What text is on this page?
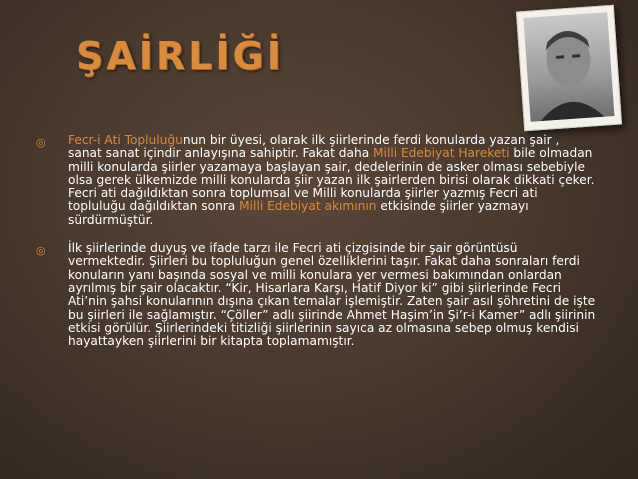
ŞAİRLİĞİ
◎ Fecr-i Ati Topluluğunun bir üyesi, olarak ilk şiirlerinde ferdi konularda yazan şair , sanat sanat içindir anlayışına sahiptir. Fakat daha Milli Edebiyat Hareketi bile olmadan milli konularda şiirler yazamaya başlayan şair, dedelerinin de asker olması sebebiyle olsa gerek ülkemizde milli konularda şiir yazan ilk şairlerden birisi olarak dikkati çeker. Fecri ati dağıldıktan sonra toplumsal ve Milli konularda şiirler yazmış Fecri ati topluluğu dağıldıktan sonra Milli Edebiyat akımının etkisinde şiirler yazmayı sürdürmüştür.
◎ İlk şiirlerinde duyuş ve ifade tarzı ile Fecri ati çizgisinde bir şair görüntüsü vermektedir. Şiirleri bu topluluğun genel özelliklerini taşır. Fakat daha sonraları ferdi konuların yanı başında sosyal ve milli konulara yer vermesi bakımından onlardan ayrılmış bir şair olacaktır. “Kir, Hisarlara Karşı, Hatif Diyor ki” gibi şiirlerinde Fecri Ati’nin şahsi konularının dışına çıkan temalar işlemiştir. Zaten şair asıl şöhretini de işte bu şiirleri ile sağlamıştır. “Çöller” adlı şiirinde Ahmet Haşim’in Şi’r-i Kamer” adlı şiirinin etkisi görülür. Şiirlerindeki titizliği şiirlerinin sayıca az olmasına sebep olmuş kendisi hayattayken şiirlerini bir kitapta toplamamıştır.
